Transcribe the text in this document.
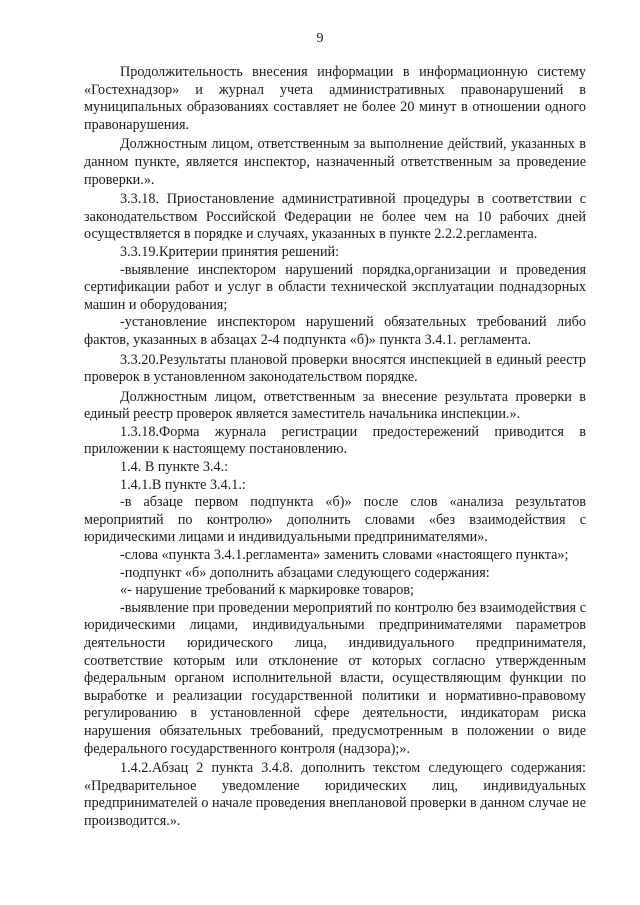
9

Продолжительность внесения информации в информационную систему «Гостехнадзор» и журнал учета административных правонарушений в муниципальных образованиях составляет не более 20 минут в отношении одного правонарушения.

Должностным лицом, ответственным за выполнение действий, указанных в данном пункте, является инспектор, назначенный ответственным за проведение проверки.».

3.3.18. Приостановление административной процедуры в соответствии с законодательством Российской Федерации не более чем на 10 рабочих дней осуществляется в порядке и случаях, указанных в пункте 2.2.2.регламента.

3.3.19.Критерии принятия решений:

-выявление инспектором нарушений порядка,организации и проведения сертификации работ и услуг в области технической эксплуатации поднадзорных машин и оборудования;

-установление инспектором нарушений обязательных требований либо фактов, указанных в абзацах 2-4 подпункта «б)» пункта 3.4.1. регламента.

3.3.20.Результаты плановой проверки вносятся инспекцией в единый реестр проверок в установленном законодательством порядке.

Должностным лицом, ответственным за внесение результата проверки в единый реестр проверок является заместитель начальника инспекции.».

1.3.18.Форма журнала регистрации предостережений приводится в приложении к настоящему постановлению.

1.4. В пункте 3.4.:

1.4.1.В пункте 3.4.1.:

-в абзаце первом подпункта «б)» после слов «анализа результатов мероприятий по контролю» дополнить словами «без взаимодействия с юридическими лицами и индивидуальными предпринимателями».

-слова «пункта 3.4.1.регламента» заменить словами «настоящего пункта»;

-подпункт «б» дополнить абзацами следующего содержания:

«- нарушение требований к маркировке товаров;

-выявление при проведении мероприятий по контролю без взаимодействия с юридическими лицами, индивидуальными предпринимателями параметров деятельности юридического лица, индивидуального предпринимателя, соответствие которым или отклонение от которых согласно утвержденным федеральным органом исполнительной власти, осуществляющим функции по выработке и реализации государственной политики и нормативно-правовому регулированию в установленной сфере деятельности, индикаторам риска нарушения обязательных требований, предусмотренным в положении о виде федерального государственного контроля (надзора);».

1.4.2.Абзац 2 пункта 3.4.8. дополнить текстом следующего содержания: «Предварительное уведомление юридических лиц, индивидуальных предпринимателей о начале проведения внеплановой проверки в данном случае не производится.».
